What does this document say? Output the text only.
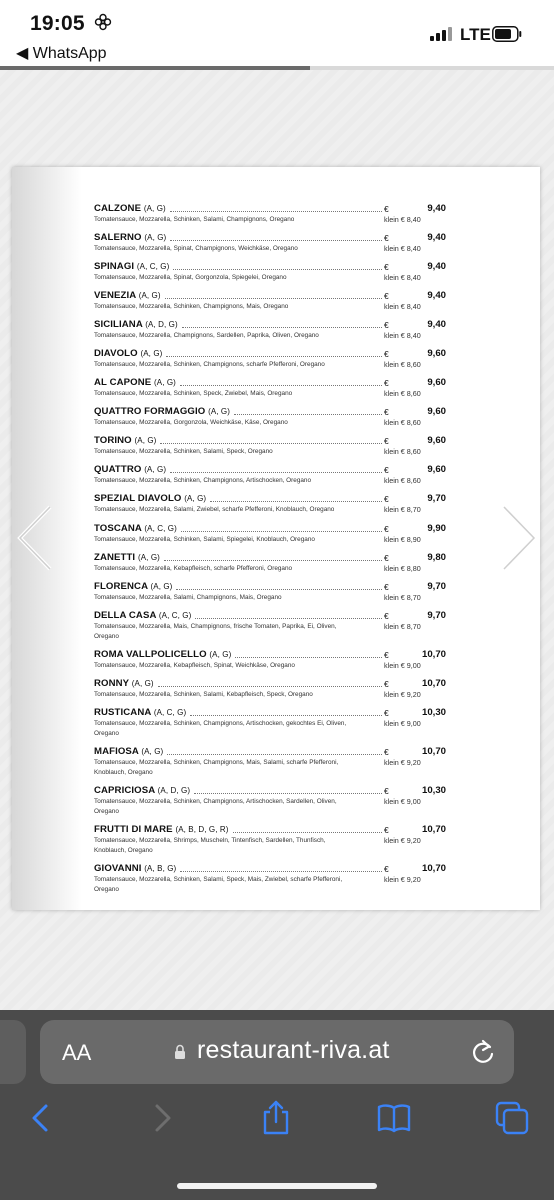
19:05
◀ WhatsApp
LTE
CALZONE (A, G)	€	9,40
Tomatensauce, Mozzarella, Schinken, Salami, Champignons, Oregano	klein € 8,40
SALERNO (A, G)	€	9,40
Tomatensauce, Mozzarella, Spinat, Champignons, Weichkäse, Oregano	klein € 8,40
SPINAGI (A, C, G)	€	9,40
Tomatensauce, Mozzarella, Spinat, Gorgonzola, Spiegelei, Oregano	klein € 8,40
VENEZIA (A, G)	€	9,40
Tomatensauce, Mozzarella, Schinken, Champignons, Mais, Oregano	klein € 8,40
SICILIANA (A, D, G)	€	9,40
Tomatensauce, Mozzarella, Champignons, Sardellen, Paprika, Oliven, Oregano	klein € 8,40
DIAVOLO (A, G)	€	9,60
Tomatensauce, Mozzarella, Schinken, Champignons, scharfe Pfefferoni, Oregano	klein € 8,60
AL CAPONE (A, G)	€	9,60
Tomatensauce, Mozzarella, Schinken, Speck, Zwiebel, Mais, Oregano	klein € 8,60
QUATTRO FORMAGGIO (A, G)	€	9,60
Tomatensauce, Mozzarella, Gorgonzola, Weichkäse, Käse, Oregano	klein € 8,60
TORINO (A, G)	€	9,60
Tomatensauce, Mozzarella, Schinken, Salami, Speck, Oregano	klein € 8,60
QUATTRO (A, G)	€	9,60
Tomatensauce, Mozzarella, Schinken, Champignons, Artischocken, Oregano	klein € 8,60
SPEZIAL DIAVOLO (A, G)	€	9,70
Tomatensauce, Mozzarella, Salami, Zwiebel, scharfe Pfefferoni, Knoblauch, Oregano	klein € 8,70
TOSCANA (A, C, G)	€	9,90
Tomatensauce, Mozzarella, Schinken, Salami, Spiegelei, Knoblauch, Oregano	klein € 8,90
ZANETTI (A, G)	€	9,80
Tomatensauce, Mozzarella, Kebapfleisch, scharfe Pfefferoni, Oregano	klein € 8,80
FLORENCA (A, G)	€	9,70
Tomatensauce, Mozzarella, Salami, Champignons, Mais, Oregano	klein € 8,70
DELLA CASA (A, C, G)	€	9,70
Tomatensauce, Mozzarella, Mais, Champignons, frische Tomaten, Paprika, Ei, Oliven, Oregano
klein € 8,70
ROMA VALLPOLICELLO (A, G)	€	10,70
Tomatensauce, Mozzarella, Kebapfleisch, Spinat, Weichkäse, Oregano	klein € 9,00
RONNY (A, G)	€	10,70
Tomatensauce, Mozzarella, Schinken, Salami, Kebapfleisch, Speck, Oregano	klein € 9,20
RUSTICANA (A, C, G)	€	10,30
Tomatensauce, Mozzarella, Schinken, Champignons, Artischocken, gekochtes Ei, Oliven, Oregano
klein € 9,00
MAFIOSA (A, G)	€	10,70
Tomatensauce, Mozzarella, Schinken, Champignons, Mais, Salami, scharfe Pfefferoni, Knoblauch, Oregano
klein € 9,20
CAPRICIOSA (A, D, G)	€	10,30
Tomatensauce, Mozzarella, Schinken, Champignons, Artischocken, Sardellen, Oliven, Oregano
klein € 9,00
FRUTTI DI MARE (A, B, D, G, R)	€	10,70
Tomatensauce, Mozzarella, Shrimps, Muscheln, Tintenfisch, Sardellen, Thunfisch, Knoblauch, Oregano
klein € 9,20
GIOVANNI (A, B, G)	€	10,70
Tomatensauce, Mozzarella, Schinken, Salami, Speck, Mais, Zwiebel, scharfe Pfefferoni, Oregano
klein € 9,20
AA	restaurant-riva.at
